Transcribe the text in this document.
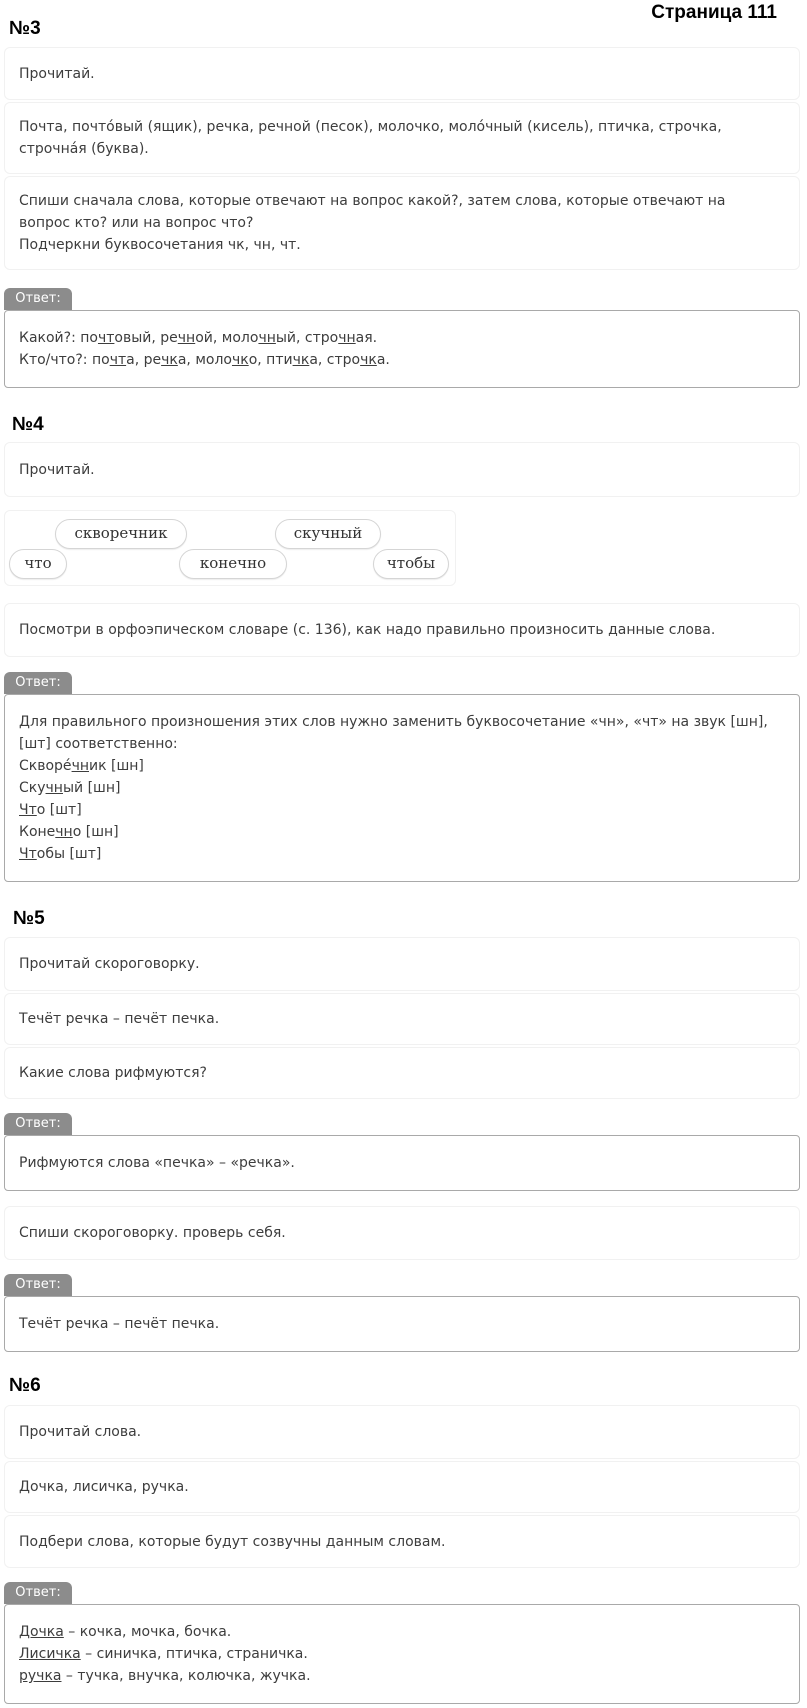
Страница 111
№3
Прочитай.
Почта, почто́вый (ящик), речка, речной (песок), молочко, моло́чный (кисель), птичка, строчка,
строчна́я (буква).
Спиши сначала слова, которые отвечают на вопрос какой?, затем слова, которые отвечают на
вопрос кто? или на вопрос что?
Подчеркни буквосочетания чк, чн, чт.
Ответ:
Какой?: почтовый, речной, молочный, строчная.
Кто/что?: почта, речка, молочко, птичка, строчка.
№4
Прочитай.
что
скворечник
конечно
скучный
чтобы
Посмотри в орфоэпическом словаре (с. 136), как надо правильно произносить данные слова.
Ответ:
Для правильного произношения этих слов нужно заменить буквосочетание «чн», «чт» на звук [шн],
[шт] соответственно:
Скворе́чник [шн]
Скучный [шн]
Что [шт]
Конечно [шн]
Чтобы [шт]
№5
Прочитай скороговорку.
Течёт речка – печёт печка.
Какие слова рифмуются?
Ответ:
Рифмуются слова «печка» – «речка».
Спиши скороговорку. проверь себя.
Ответ:
Течёт речка – печёт печка.
№6
Прочитай слова.
Дочка, лисичка, ручка.
Подбери слова, которые будут созвучны данным словам.
Ответ:
Дочка – кочка, мочка, бочка.
Лисичка – синичка, птичка, страничка.
ручка – тучка, внучка, колючка, жучка.
